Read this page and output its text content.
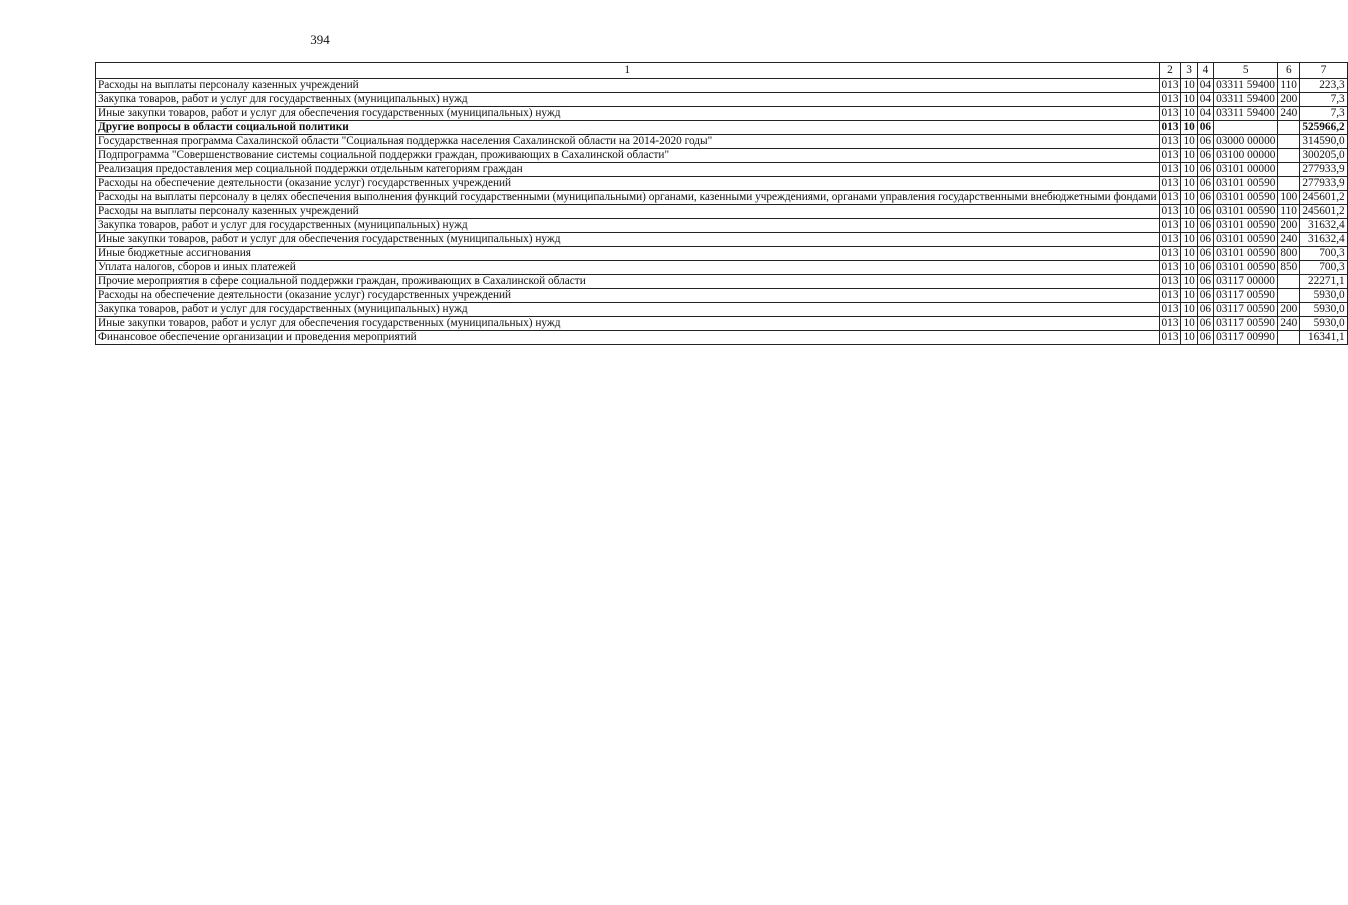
394
1	2	3	4	5	6	7
Расходы на выплаты персоналу казенных учреждений	013	10	04	03311 59400	110	223,3
Закупка товаров, работ и услуг для государственных (муниципальных) нужд	013	10	04	03311 59400	200	7,3
Иные закупки товаров, работ и услуг для обеспечения государственных (муниципальных) нужд	013	10	04	03311 59400	240	7,3
Другие вопросы в области социальной политики	013	10	06			525966,2
Государственная программа Сахалинской области "Социальная поддержка населения Сахалинской области на 2014-2020 годы"	013	10	06	03000 00000		314590,0
Подпрограмма "Совершенствование системы социальной поддержки граждан, проживающих в Сахалинской области"	013	10	06	03100 00000		300205,0
Реализация предоставления мер социальной поддержки отдельным категориям граждан	013	10	06	03101 00000		277933,9
Расходы на обеспечение деятельности (оказание услуг) государственных учреждений	013	10	06	03101 00590		277933,9
Расходы на выплаты персоналу в целях обеспечения выполнения функций государственными (муниципальными) органами, казенными учреждениями, органами управления государственными внебюджетными фондами	013	10	06	03101 00590	100	245601,2
Расходы на выплаты персоналу казенных учреждений	013	10	06	03101 00590	110	245601,2
Закупка товаров, работ и услуг для государственных (муниципальных) нужд	013	10	06	03101 00590	200	31632,4
Иные закупки товаров, работ и услуг для обеспечения государственных (муниципальных) нужд	013	10	06	03101 00590	240	31632,4
Иные бюджетные ассигнования	013	10	06	03101 00590	800	700,3
Уплата налогов, сборов и иных платежей	013	10	06	03101 00590	850	700,3
Прочие мероприятия в сфере социальной поддержки граждан, проживающих в Сахалинской области	013	10	06	03117 00000		22271,1
Расходы на обеспечение деятельности (оказание услуг) государственных учреждений	013	10	06	03117 00590		5930,0
Закупка товаров, работ и услуг для государственных (муниципальных) нужд	013	10	06	03117 00590	200	5930,0
Иные закупки товаров, работ и услуг для обеспечения государственных (муниципальных) нужд	013	10	06	03117 00590	240	5930,0
Финансовое обеспечение организации и проведения мероприятий	013	10	06	03117 00990		16341,1
